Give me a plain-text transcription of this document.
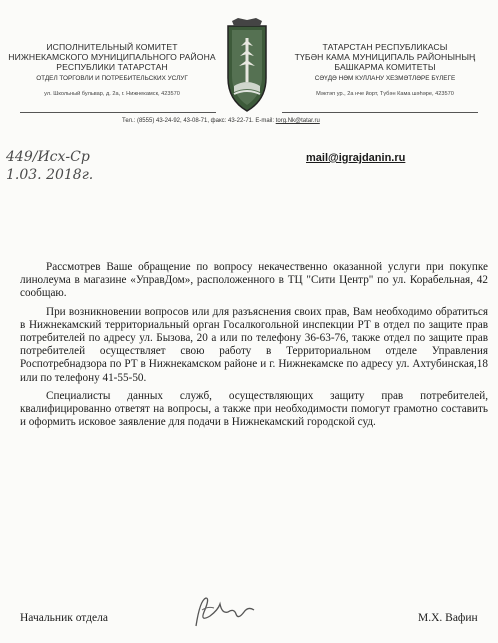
ИСПОЛНИТЕЛЬНЫЙ КОМИТЕТ
НИЖНЕКАМСКОГО МУНИЦИПАЛЬНОГО РАЙОНА
РЕСПУБЛИКИ ТАТАРСТАН
ОТДЕЛ ТОРГОВЛИ И ПОТРЕБИТЕЛЬСКИХ УСЛУГ
ул. Школьный бульвар, д. 2а, г. Нижнекамск, 423570
ТАТАРСТАН РЕСПУБЛИКАСЫ
ТҮБӘН КАМА МУНИЦИПАЛЬ РАЙОНЫНЫҢ
БАШКАРМА КОМИТЕТЫ
СӘҮДӘ НӘМ КУЛЛАНУ ХЕЗМӘТЛӘРЕ БҮЛЕГЕ
Мәктәп ур., 2а нче йорт, Түбән Кама шәһәре, 423570
Тел.: (8555) 43-24-92, 43-08-71, факс: 43-22-71. E-mail: torg.Nk@tatar.ru
449/Исх-Ср
1.03. 2018г.
mail@igrajdanin.ru

Рассмотрев Ваше обращение по вопросу некачественно оказанной услуги при покупке линолеума в магазине «УправДом», расположенного в ТЦ "Сити Центр" по ул. Корабельная, 42 сообщаю.

При возникновении вопросов или для разъяснения своих прав, Вам необходимо обратиться в Нижнекамский территориальный орган Госалкогольной инспекции РТ в отдел по защите прав потребителей по адресу ул. Бызова, 20 а или по телефону 36-63-76, также отдел по защите прав потребителей осуществляет свою работу в Территориальном отделе Управления Роспотребнадзора по РТ в Нижнекамском районе и г. Нижнекамске по адресу ул. Ахтубинская,18 или по телефону 41-55-50.

Специалисты данных служб, осуществляющих защиту прав потребителей, квалифицированно ответят на вопросы, а также при необходимости помогут грамотно составить и оформить исковое заявление для подачи в Нижнекамский городской суд.

Начальник отдела	М.Х. Вафин
